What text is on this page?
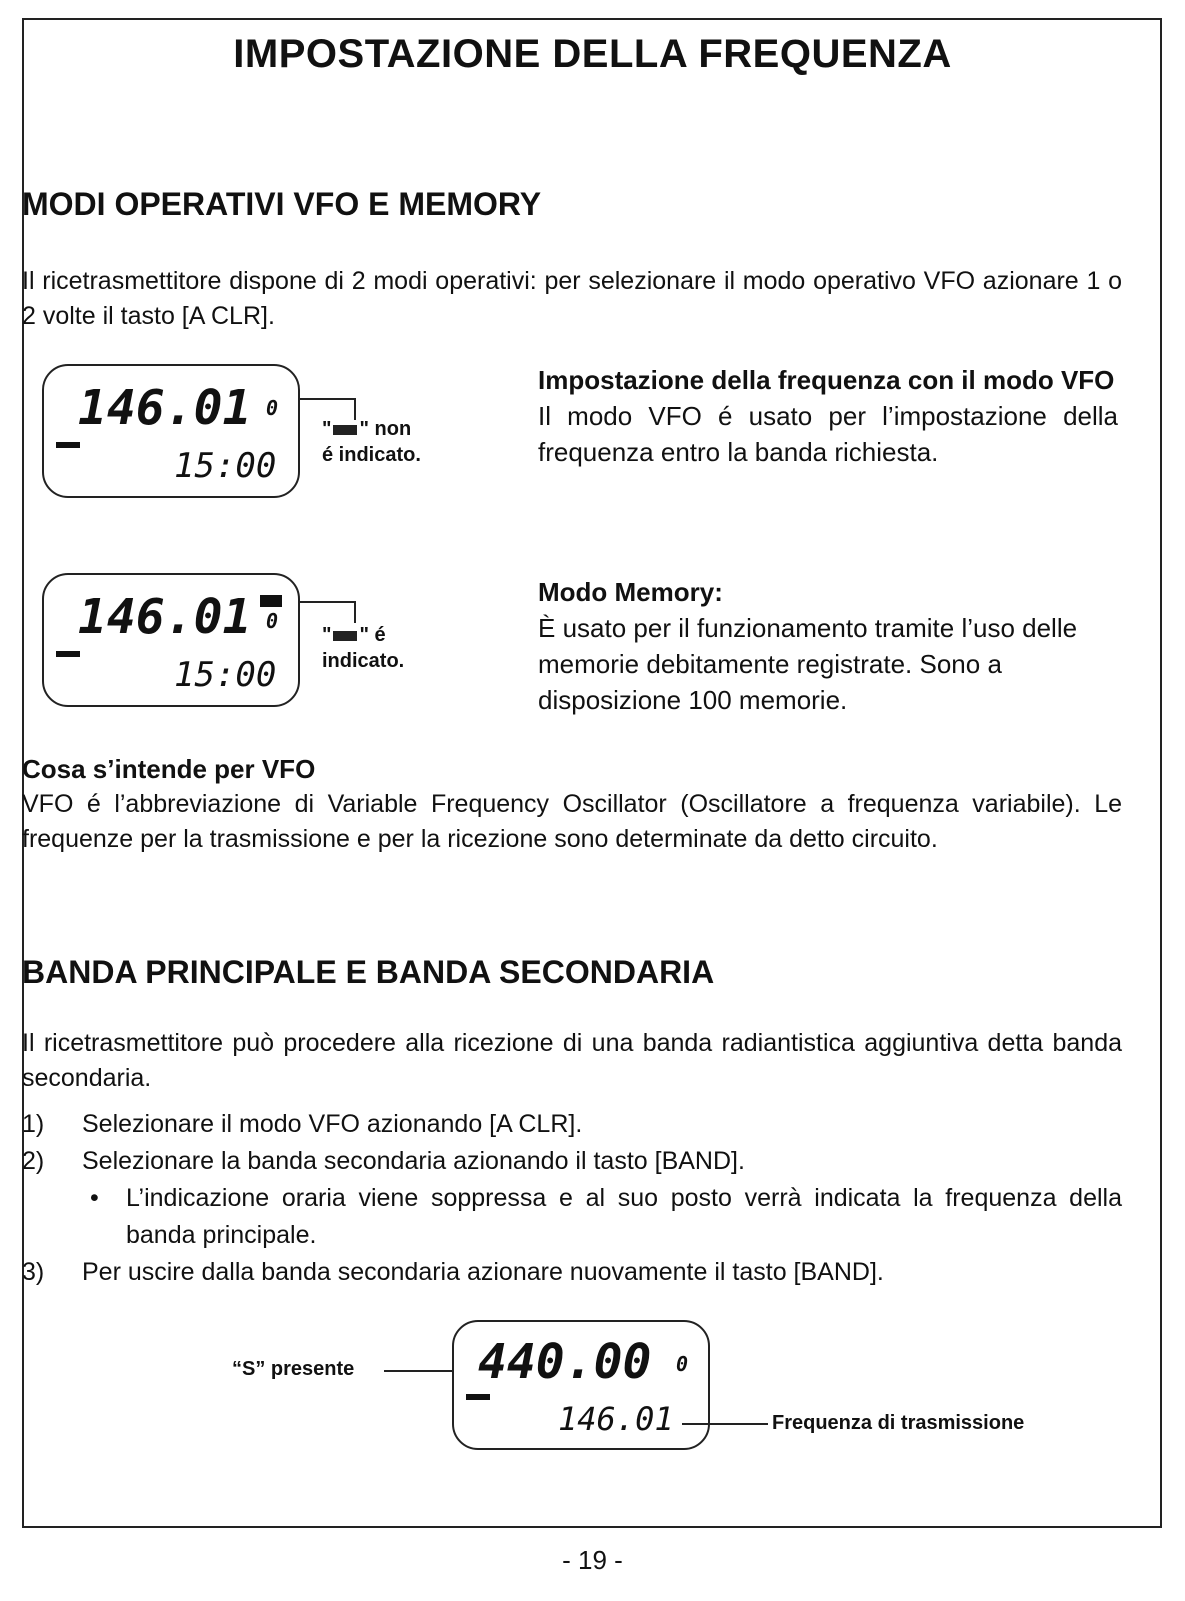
IMPOSTAZIONE DELLA FREQUENZA
MODI OPERATIVI VFO E MEMORY
Il ricetrasmettitore dispone di 2 modi operativi: per selezionare il modo operativo VFO azionare 1 o 2 volte il tasto [A CLR].
146.01 0
15:00
" " non
é indicato.
Impostazione della frequenza con il modo VFO
Il modo VFO é usato per l’impostazione della frequenza entro la banda richiesta.
146.01 0
15:00
" " é
indicato.
Modo Memory:
È usato per il funzionamento tramite l’uso delle memorie debitamente registrate. Sono a disposizione 100 memorie.
Cosa s’intende per VFO
VFO é l’abbreviazione di Variable Frequency Oscillator (Oscillatore a frequenza variabile). Le frequenze per la trasmissione e per la ricezione sono determinate da detto circuito.
BANDA PRINCIPALE E BANDA SECONDARIA
Il ricetrasmettitore può procedere alla ricezione di una banda radiantistica aggiuntiva detta banda secondaria.
1) Selezionare il modo VFO azionando [A CLR].
2) Selezionare la banda secondaria azionando il tasto [BAND].
• L’indicazione oraria viene soppressa e al suo posto verrà indicata la frequenza della banda principale.
3) Per uscire dalla banda secondaria azionare nuovamente il tasto [BAND].
440.00 0
146.01
“S” presente
Frequenza di trasmissione
- 19 -
